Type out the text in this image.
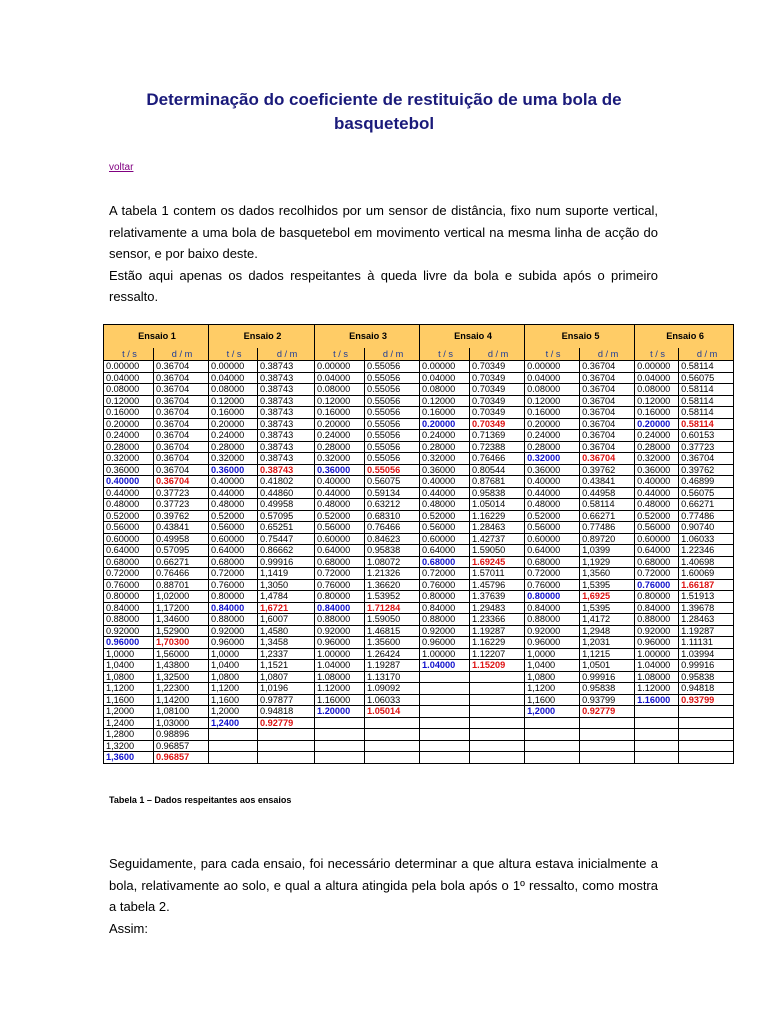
Determinação do coeficiente de restituição de uma bola de
basquetebol
voltar
A tabela 1 contem os dados recolhidos por um sensor de distância, fixo num suporte vertical, relativamente a uma bola de basquetebol em movimento vertical na mesma linha de acção do sensor, e por baixo deste.
Estão aqui apenas os dados respeitantes à queda livre da bola e subida após o primeiro ressalto.
Ensaio 1		Ensaio 2		Ensaio 3		Ensaio 4		Ensaio 5		Ensaio 6	
t / s	d / m	t / s	d / m	t / s	d / m	t / s	d / m	t / s	d / m	t / s	d / m
0.00000	0.36704	0.00000	0.38743	0.00000	0.55056	0.00000	0.70349	0.00000	0.36704	0.00000	0.58114
0.04000	0.36704	0.04000	0.38743	0.04000	0.55056	0.04000	0.70349	0.04000	0.36704	0.04000	0.56075
0.08000	0.36704	0.08000	0.38743	0.08000	0.55056	0.08000	0.70349	0.08000	0.36704	0.08000	0.58114
0.12000	0.36704	0.12000	0.38743	0.12000	0.55056	0.12000	0.70349	0.12000	0.36704	0.12000	0.58114
0.16000	0.36704	0.16000	0.38743	0.16000	0.55056	0.16000	0.70349	0.16000	0.36704	0.16000	0.58114
0.20000	0.36704	0.20000	0.38743	0.20000	0.55056	0.20000	0.70349	0.20000	0.36704	0.20000	0.58114
0.24000	0.36704	0.24000	0.38743	0.24000	0.55056	0.24000	0.71369	0.24000	0.36704	0.24000	0.60153
0.28000	0.36704	0.28000	0.38743	0.28000	0.55056	0.28000	0.72388	0.28000	0.36704	0.28000	0.37723
0.32000	0.36704	0.32000	0.38743	0.32000	0.55056	0.32000	0.76466	0.32000	0.36704	0.32000	0.36704
0.36000	0.36704	0.36000	0.38743	0.36000	0.55056	0.36000	0.80544	0.36000	0.39762	0.36000	0.39762
0.40000	0.36704	0.40000	0.41802	0.40000	0.56075	0.40000	0.87681	0.40000	0.43841	0.40000	0.46899
0.44000	0.37723	0.44000	0.44860	0.44000	0.59134	0.44000	0.95838	0.44000	0.44958	0.44000	0.56075
0.48000	0.37723	0.48000	0.49958	0.48000	0.63212	0.48000	1.05014	0.48000	0.58114	0.48000	0.66271
0.52000	0.39762	0.52000	0.57095	0.52000	0.68310	0.52000	1.16229	0.52000	0.66271	0.52000	0.77486
0.56000	0.43841	0.56000	0.65251	0.56000	0.76466	0.56000	1.28463	0.56000	0.77486	0.56000	0.90740
0.60000	0.49958	0.60000	0.75447	0.60000	0.84623	0.60000	1.42737	0.60000	0.89720	0.60000	1.06033
0.64000	0.57095	0.64000	0.86662	0.64000	0.95838	0.64000	1.59050	0.64000	1,0399	0.64000	1.22346
0.68000	0.66271	0.68000	0.99916	0.68000	1.08072	0.68000	1.69245	0.68000	1,1929	0.68000	1.40698
0.72000	0.76466	0.72000	1,1419	0.72000	1.21326	0.72000	1.57011	0.72000	1,3560	0.72000	1.60069
0.76000	0.88701	0.76000	1,3050	0.76000	1.36620	0.76000	1.45796	0.76000	1,5395	0.76000	1.66187
0.80000	1,02000	0.80000	1,4784	0.80000	1.53952	0.80000	1.37639	0.80000	1,6925	0.80000	1.51913
0.84000	1,17200	0.84000	1,6721	0.84000	1.71284	0.84000	1.29483	0.84000	1,5395	0.84000	1.39678
0.88000	1,34600	0.88000	1,6007	0.88000	1.59050	0.88000	1.23366	0.88000	1,4172	0.88000	1.28463
0.92000	1,52900	0.92000	1,4580	0.92000	1.46815	0.92000	1.19287	0.92000	1,2948	0.92000	1.19287
0.96000	1,70300	0.96000	1,3458	0.96000	1.35600	0.96000	1.16229	0.96000	1,2031	0.96000	1.11131
1,0000	1,56000	1,0000	1,2337	1.00000	1.26424	1.00000	1.12207	1,0000	1,1215	1.00000	1.03994
1,0400	1,43800	1,0400	1,1521	1.04000	1.19287	1.04000	1.15209	1,0400	1,0501	1.04000	0.99916
1,0800	1,32500	1,0800	1,0807	1.08000	1.13170			1,0800	0.99916	1.08000	0.95838
1,1200	1,22300	1,1200	1,0196	1.12000	1.09092			1,1200	0.95838	1.12000	0.94818
1,1600	1,14200	1,1600	0.97877	1.16000	1.06033			1,1600	0.93799	1.16000	0.93799
1,2000	1,08100	1,2000	0.94818	1.20000	1.05014			1,2000	0.92779		
1,2400	1,03000	1,2400	0.92779								
1,2800	0.98896										
1,3200	0.96857										
1,3600	0.96857										
Tabela 1 – Dados respeitantes aos ensaios
Seguidamente, para cada ensaio, foi necessário determinar a que altura estava inicialmente a bola, relativamente ao solo, e qual a altura atingida pela bola após o 1º ressalto, como mostra a tabela 2.
Assim:
